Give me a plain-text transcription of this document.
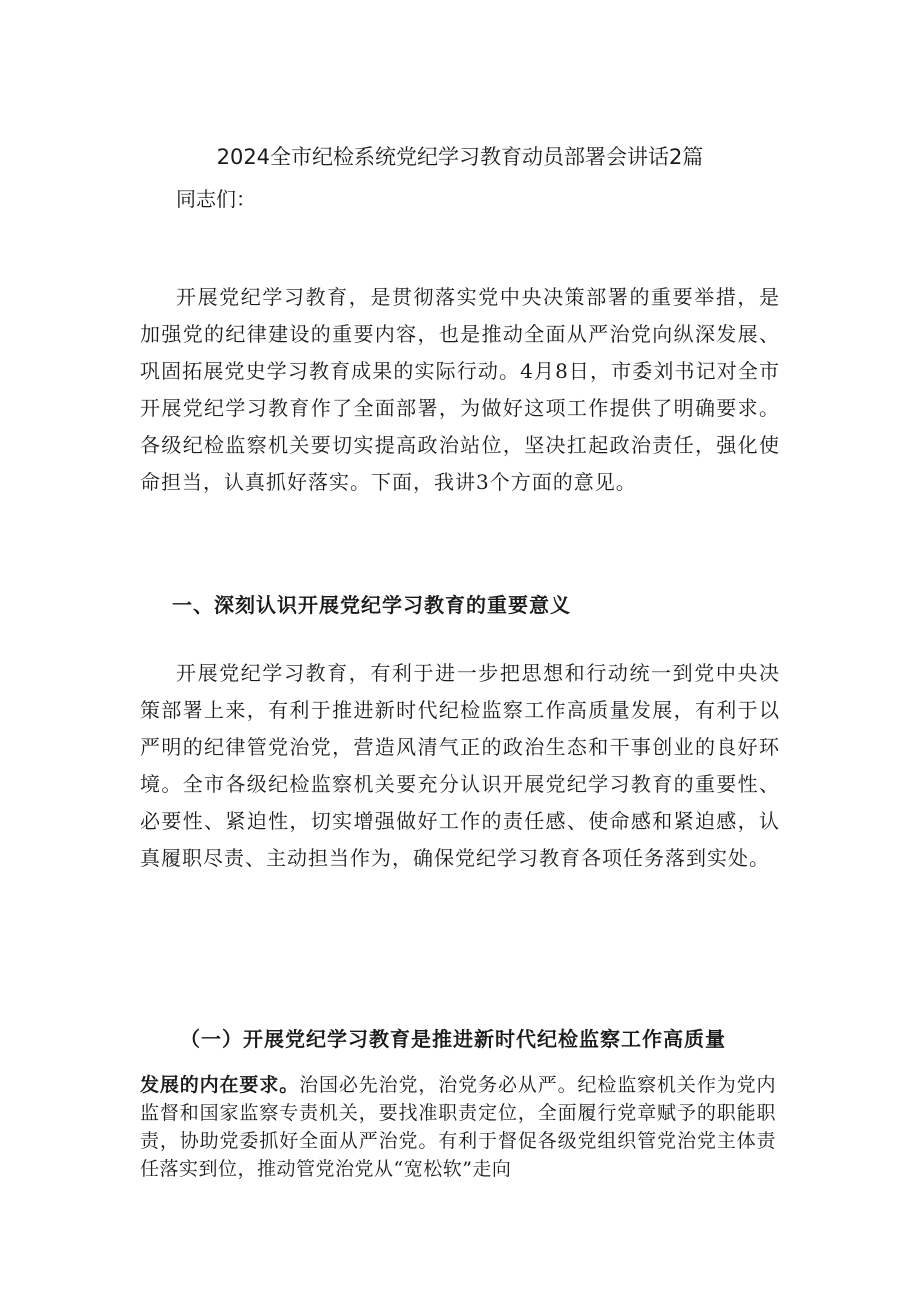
2024全市纪检系统党纪学习教育动员部署会讲话2篇

同志们：

开展党纪学习教育，是贯彻落实党中央决策部署的重要举措，是加强党的纪律建设的重要内容，也是推动全面从严治党向纵深发展、巩固拓展党史学习教育成果的实际行动。4月8日，市委刘书记对全市开展党纪学习教育作了全面部署，为做好这项工作提供了明确要求。各级纪检监察机关要切实提高政治站位，坚决扛起政治责任，强化使命担当，认真抓好落实。下面，我讲3个方面的意见。

一、深刻认识开展党纪学习教育的重要意义

开展党纪学习教育，有利于进一步把思想和行动统一到党中央决策部署上来，有利于推进新时代纪检监察工作高质量发展，有利于以严明的纪律管党治党，营造风清气正的政治生态和干事创业的良好环境。全市各级纪检监察机关要充分认识开展党纪学习教育的重要性、必要性、紧迫性，切实增强做好工作的责任感、使命感和紧迫感，认真履职尽责、主动担当作为，确保党纪学习教育各项任务落到实处。

（一）开展党纪学习教育是推进新时代纪检监察工作高质量

发展的内在要求。治国必先治党，治党务必从严。纪检监察机关作为党内监督和国家监察专责机关，要找准职责定位，全面履行党章赋予的职能职责，协助党委抓好全面从严治党。有利于督促各级党组织管党治党主体责任落实到位，推动管党治党从“宽松软”走向
